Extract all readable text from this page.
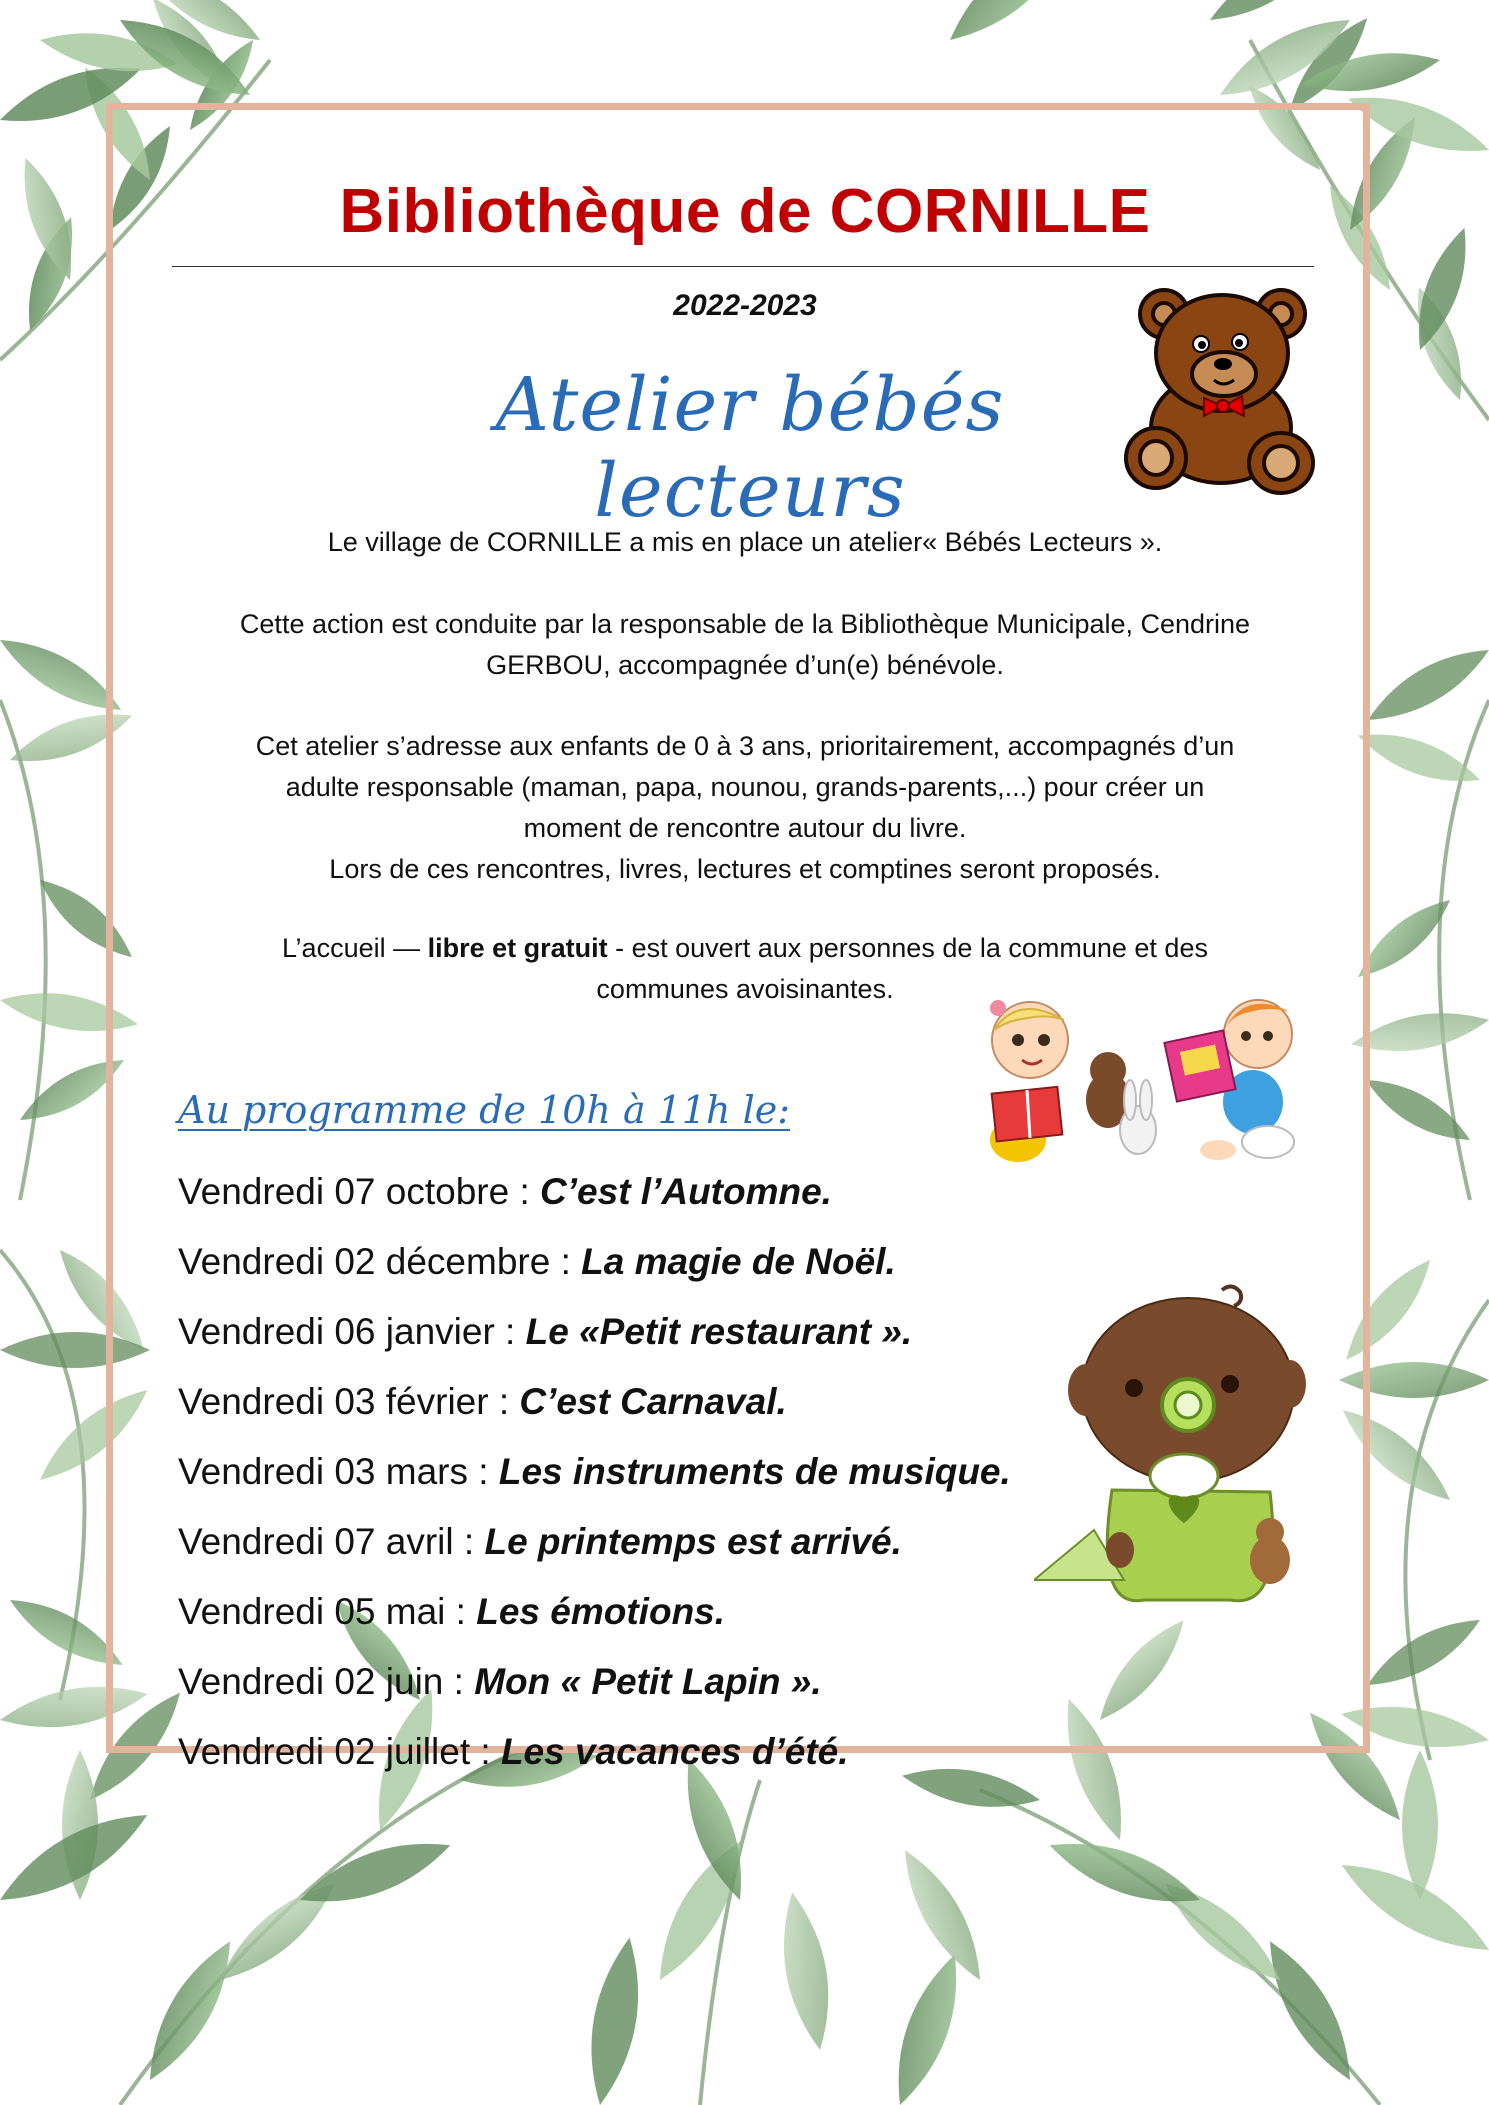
Bibliothèque de CORNILLE
2022-2023
Atelier bébés lecteurs
Le village de CORNILLE a mis en place un atelier« Bébés Lecteurs ».
Cette action est conduite par la responsable de la Bibliothèque Municipale, Cendrine
GERBOU, accompagnée d’un(e) bénévole.
Cet atelier s’adresse aux enfants de 0 à 3 ans, prioritairement, accompagnés d’un
adulte responsable (maman, papa, nounou, grands-parents,...) pour créer un
moment de rencontre autour du livre.
Lors de ces rencontres, livres, lectures et comptines seront proposés.
L’accueil — libre et gratuit - est ouvert aux personnes de la commune et des
communes avoisinantes.
Au programme de 10h à 11h le:
Vendredi 07 octobre : C’est l’Automne.
Vendredi 02 décembre : La magie de Noël.
Vendredi 06 janvier : Le «Petit restaurant ».
Vendredi 03 février : C’est Carnaval.
Vendredi 03 mars : Les instruments de musique.
Vendredi 07 avril : Le printemps est arrivé.
Vendredi 05 mai : Les émotions.
Vendredi 02 juin : Mon « Petit Lapin ».
Vendredi 02 juillet : Les vacances d’été.
